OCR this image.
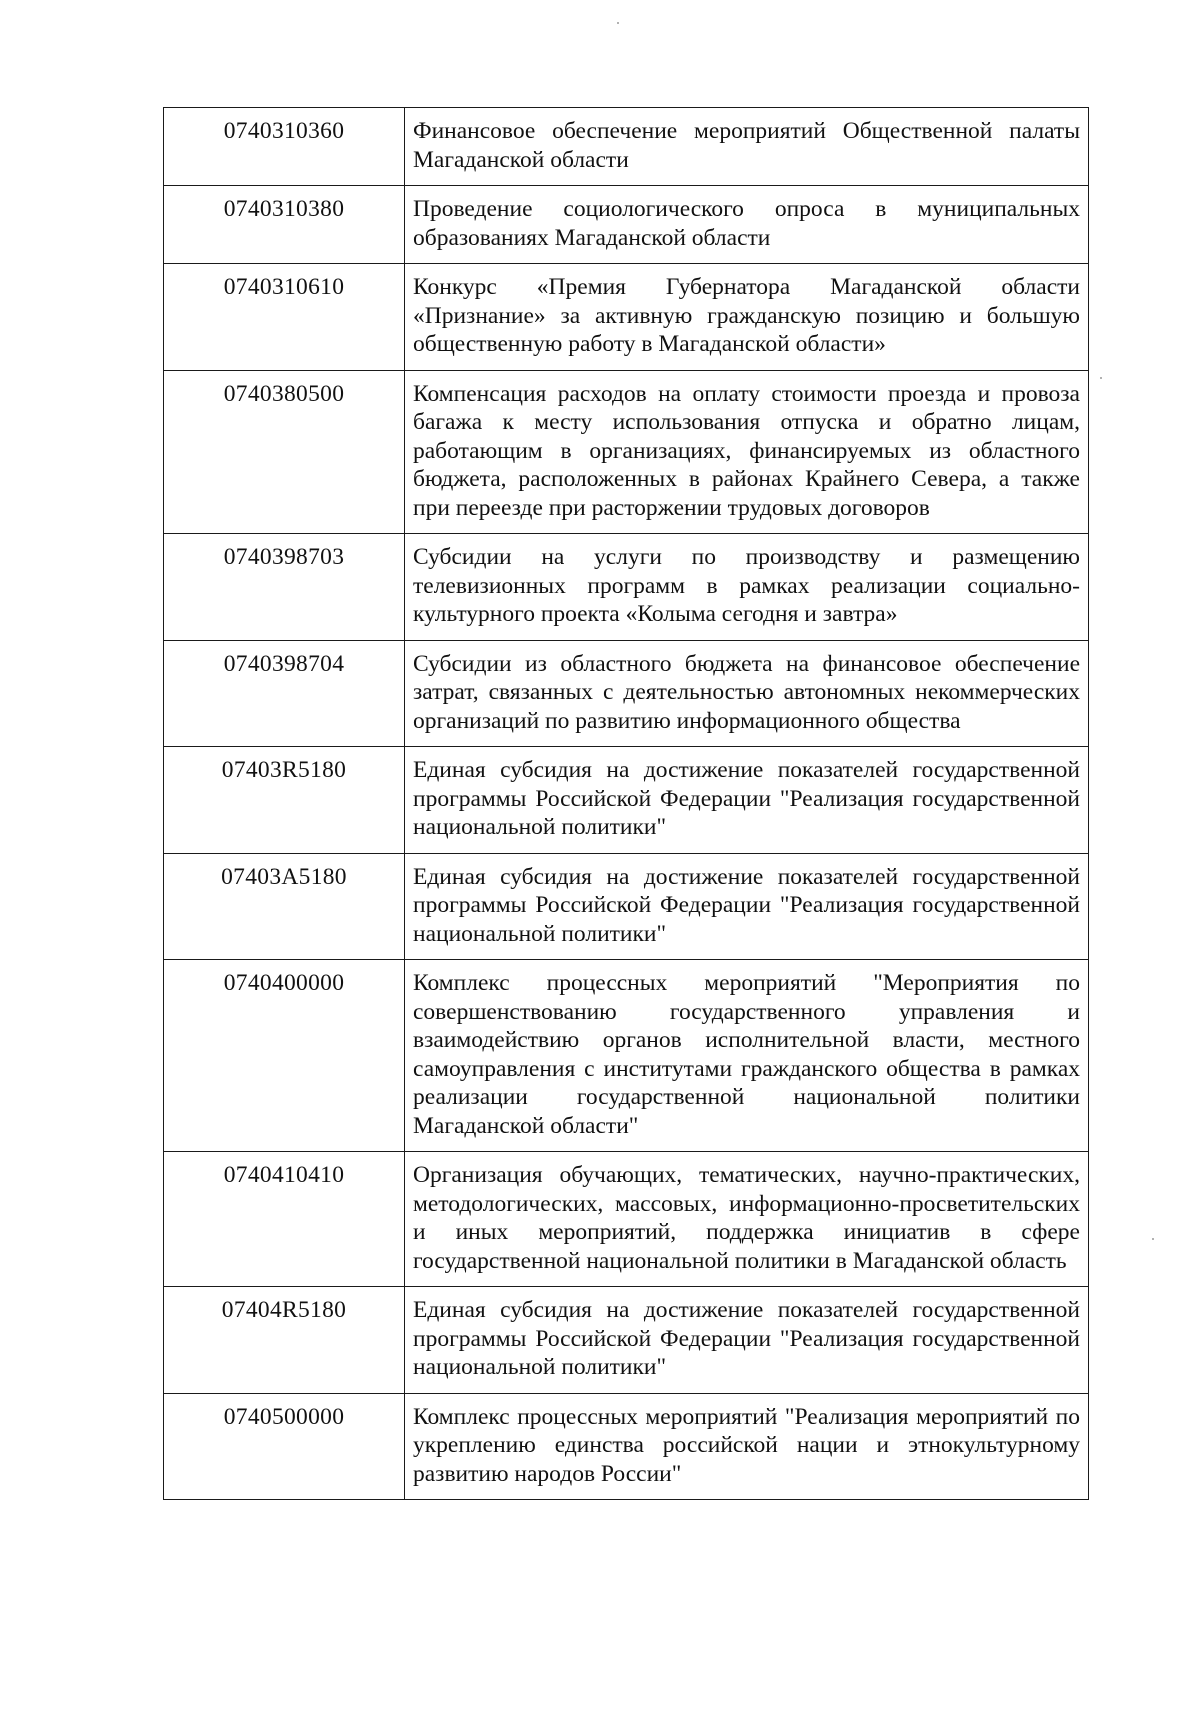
0740310360	Финансовое обеспечение мероприятий Общественной палаты Магаданской области
0740310380	Проведение социологического опроса в муниципальных образованиях Магаданской области
0740310610	Конкурс «Премия Губернатора Магаданской области «Признание» за активную гражданскую позицию и большую общественную работу в Магаданской области»
0740380500	Компенсация расходов на оплату стоимости проезда и провоза багажа к месту использования отпуска и обратно лицам, работающим в организациях, финансируемых из областного бюджета, расположенных в районах Крайнего Севера, а также при переезде при расторжении трудовых договоров
0740398703	Субсидии на услуги по производству и размещению телевизионных программ в рамках реализации социально-культурного проекта «Колыма сегодня и завтра»
0740398704	Субсидии из областного бюджета на финансовое обеспечение затрат, связанных с деятельностью автономных некоммерческих организаций по развитию информационного общества
07403R5180	Единая субсидия на достижение показателей государственной программы Российской Федерации "Реализация государственной национальной политики"
07403А5180	Единая субсидия на достижение показателей государственной программы Российской Федерации "Реализация государственной национальной политики"
0740400000	Комплекс процессных мероприятий "Мероприятия по совершенствованию государственного управления и взаимодействию органов исполнительной власти, местного самоуправления с институтами гражданского общества в рамках реализации государственной национальной политики Магаданской области"
0740410410	Организация обучающих, тематических, научно-практических, методологических, массовых, информационно-просветительских и иных мероприятий, поддержка инициатив в сфере государственной национальной политики в Магаданской область
07404R5180	Единая субсидия на достижение показателей государственной программы Российской Федерации "Реализация государственной национальной политики"
0740500000	Комплекс процессных мероприятий "Реализация мероприятий по укреплению единства российской нации и этнокультурному развитию народов России"
